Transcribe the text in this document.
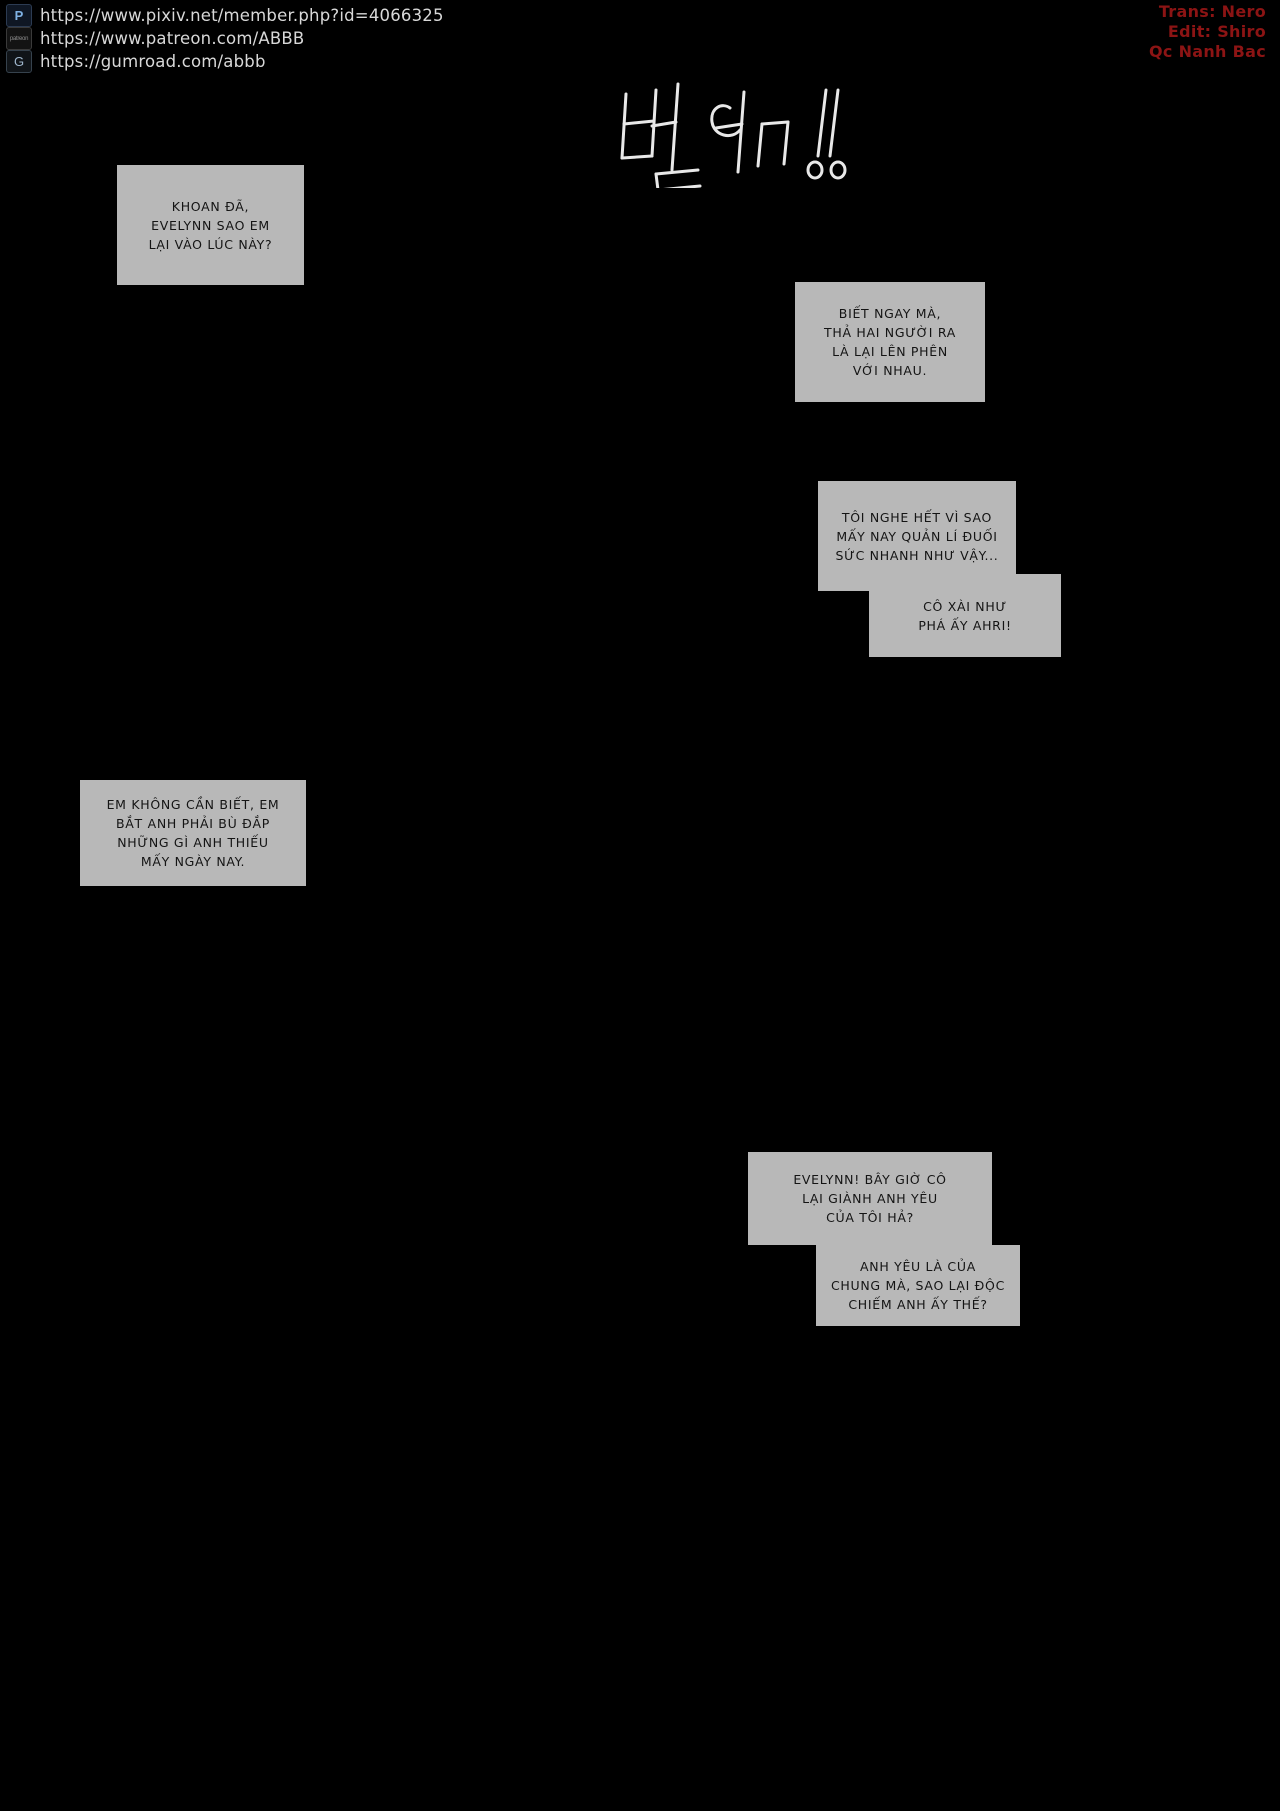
P	https://www.pixiv.net/member.php?id=4066325
patreon https://www.patreon.com/ABBB
G https://gumroad.com/abbb
Trans: Nero
Edit: Shiro
Qc Nanh Bac
KHOAN ĐÃ,
EVELYNN SAO EM
LẠI VÀO LÚC NÀY?
BIẾT NGAY MÀ,
THẢ HAI NGƯỜI RA
LÀ LẠI LÊN PHÊN
VỚI NHAU.
TÔI NGHE HẾT VÌ SAO
MẤY NAY QUẢN LÍ ĐUỐI
SỨC NHANH NHƯ VẬY...
CÔ XÀI NHƯ
PHÁ ẤY AHRI!
EM KHÔNG CẦN BIẾT, EM
BẮT ANH PHẢI BÙ ĐẮP
NHỮNG GÌ ANH THIẾU
MẤY NGÀY NAY.
EVELYNN! BÂY GIỜ CÔ
LẠI GIÀNH ANH YÊU
CỦA TÔI HẢ?
ANH YÊU LÀ CỦA
CHUNG MÀ, SAO LẠI ĐỘC
CHIẾM ANH ẤY THẾ?
